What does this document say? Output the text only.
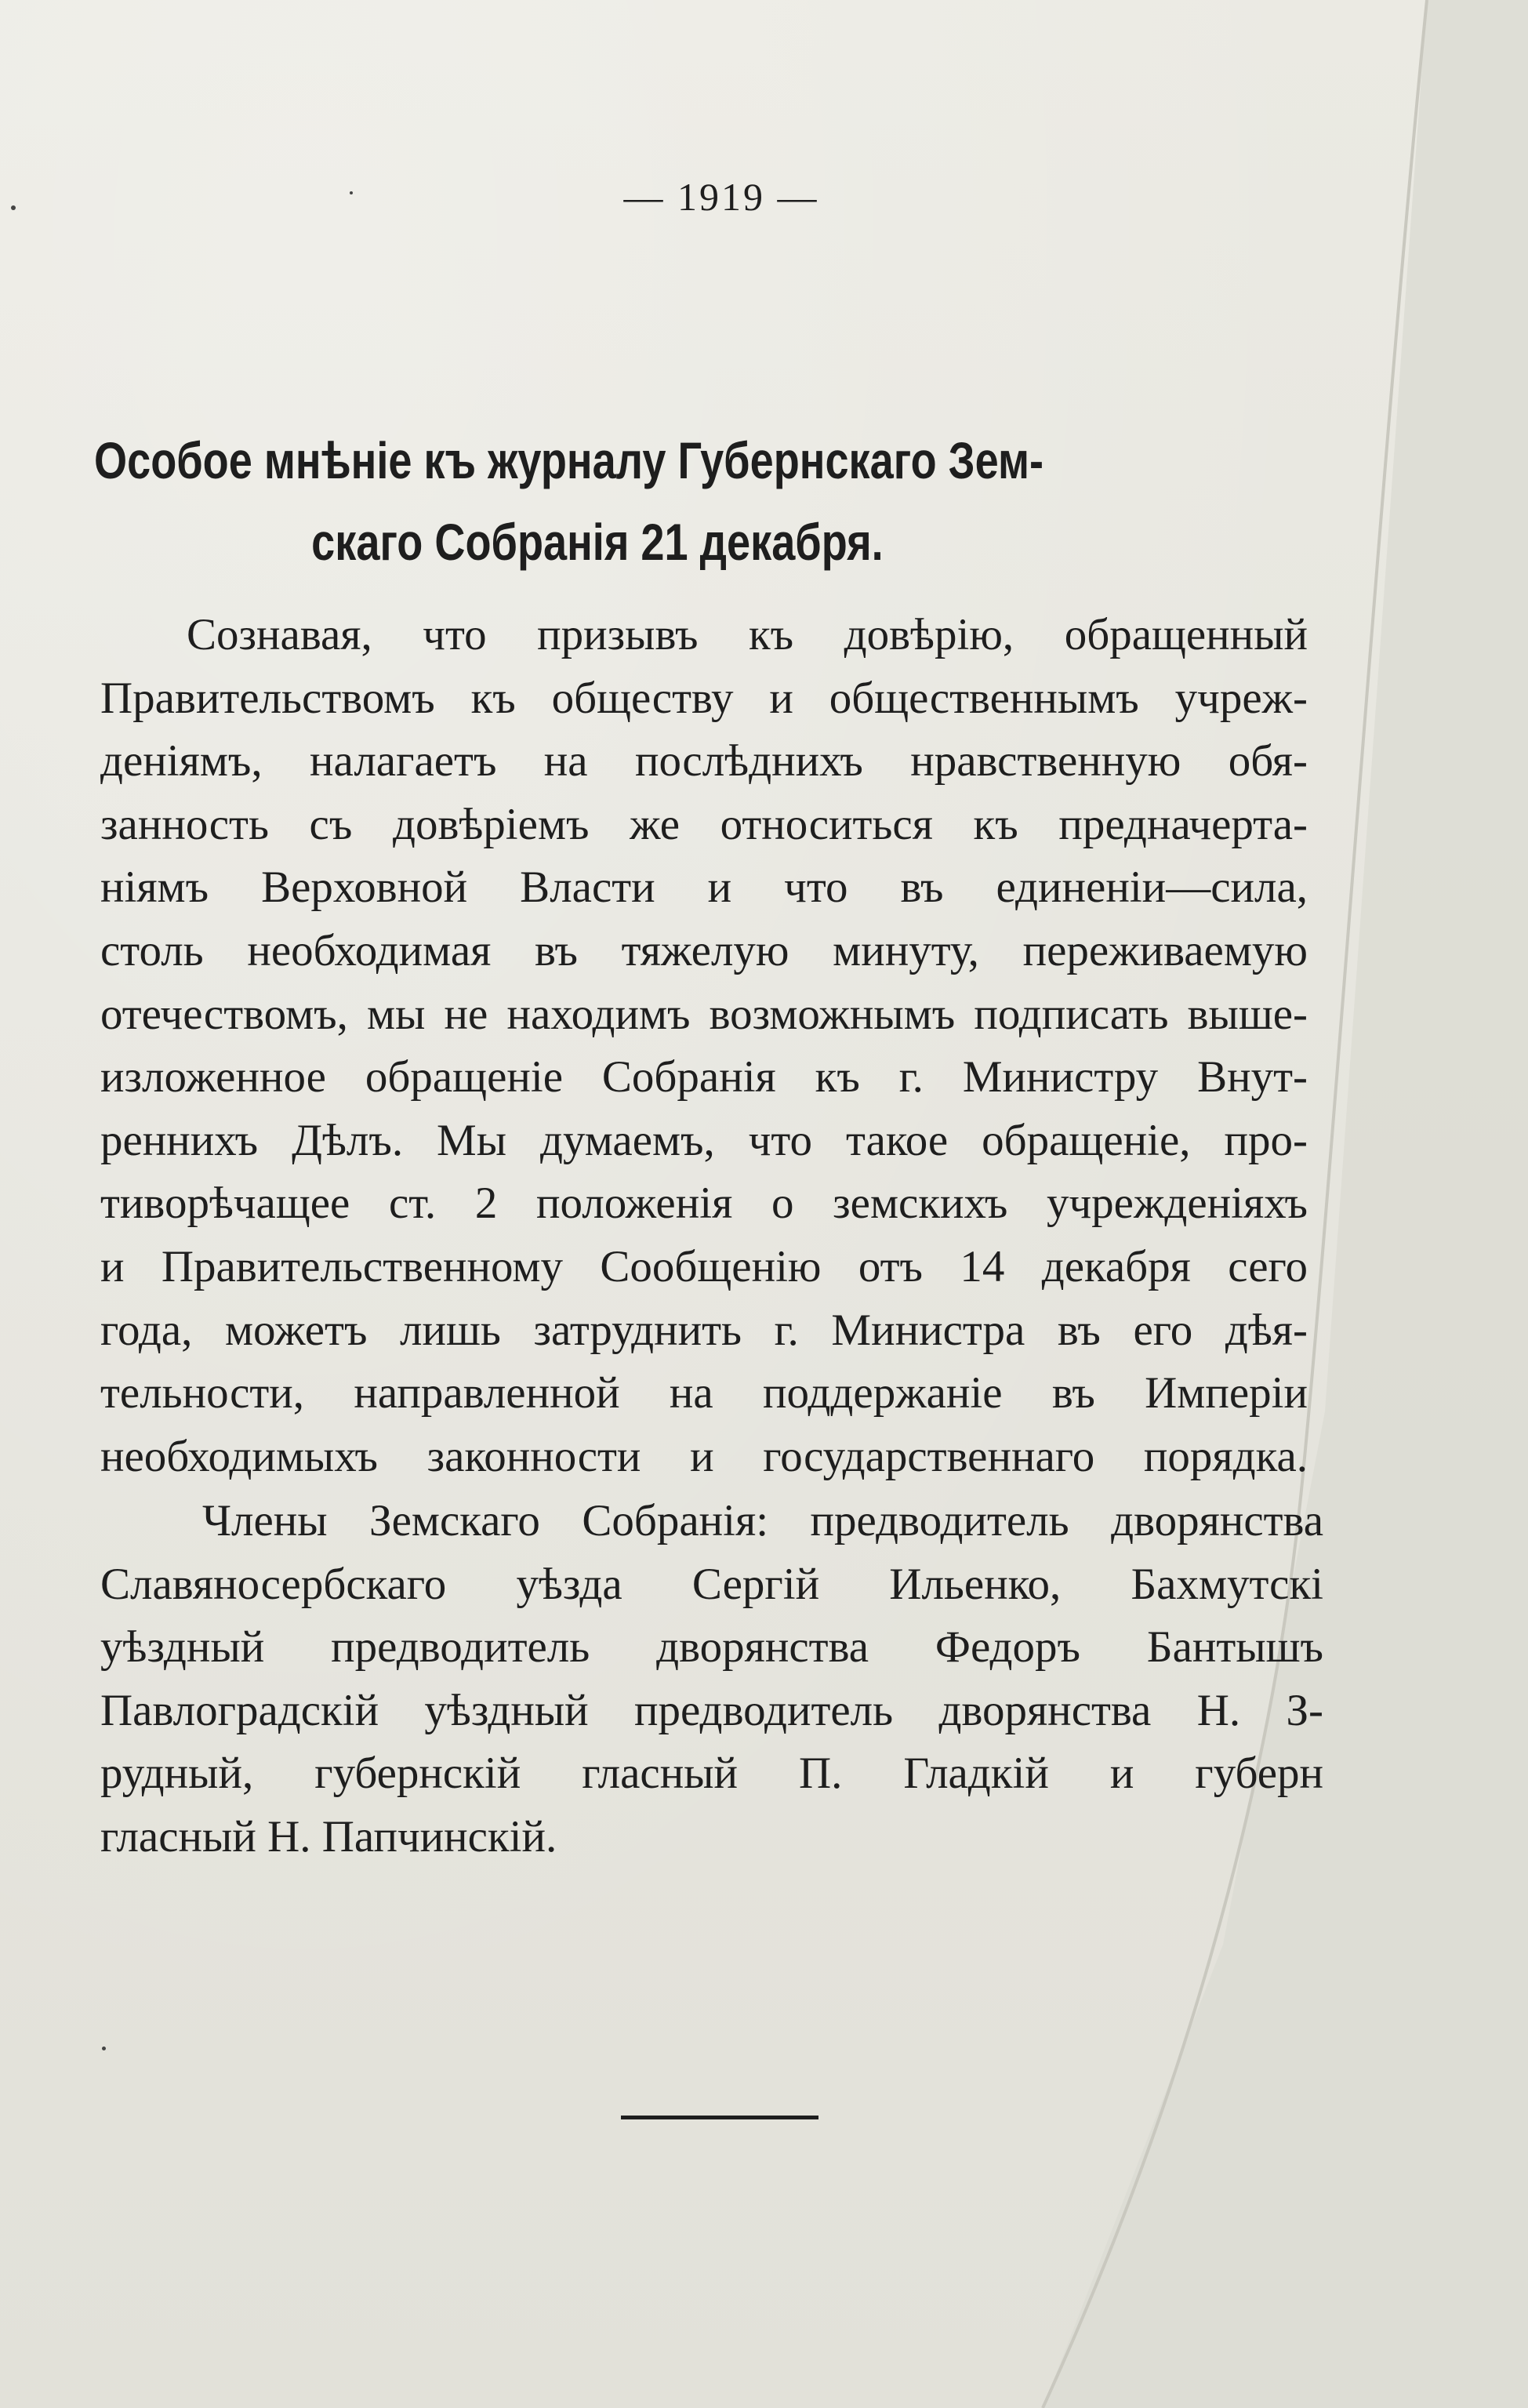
— 1919 —
Особое мнѣніе къ журналу Губернскаго Зем-
скаго Собранія 21 декабря.
Сознавая, что призывъ къ довѣрію, обращенный
Правительствомъ къ обществу и общественнымъ учреж-
деніямъ, налагаетъ на послѣднихъ нравственную обя-
занность съ довѣріемъ же относиться къ предначерта-
ніямъ Верховной Власти и что въ единеніи—сила,
столь необходимая въ тяжелую минуту, переживаемую
отечествомъ, мы не находимъ возможнымъ подписать выше-
изложенное обращеніе Собранія къ г. Министру Внут-
реннихъ Дѣлъ. Мы думаемъ, что такое обращеніе, про-
тиворѣчащее ст. 2 положенія о земскихъ учрежденіяхъ
и Правительственному Сообщенію отъ 14 декабря сего
года, можетъ лишь затруднить г. Министра въ его дѣя-
тельности, направленной на поддержаніе въ Имперіи
необходимыхъ законности и государственнаго порядка.
Члены Земскаго Собранія: предводитель дворянства
Славяносербскаго уѣзда Сергій Ильенко, Бахмутскі
уѣздный предводитель дворянства Федоръ Бантышъ
Павлоградскій уѣздный предводитель дворянства Н. З-
рудный, губернскій гласный П. Гладкій и губерн
гласный Н. Папчинскій.
